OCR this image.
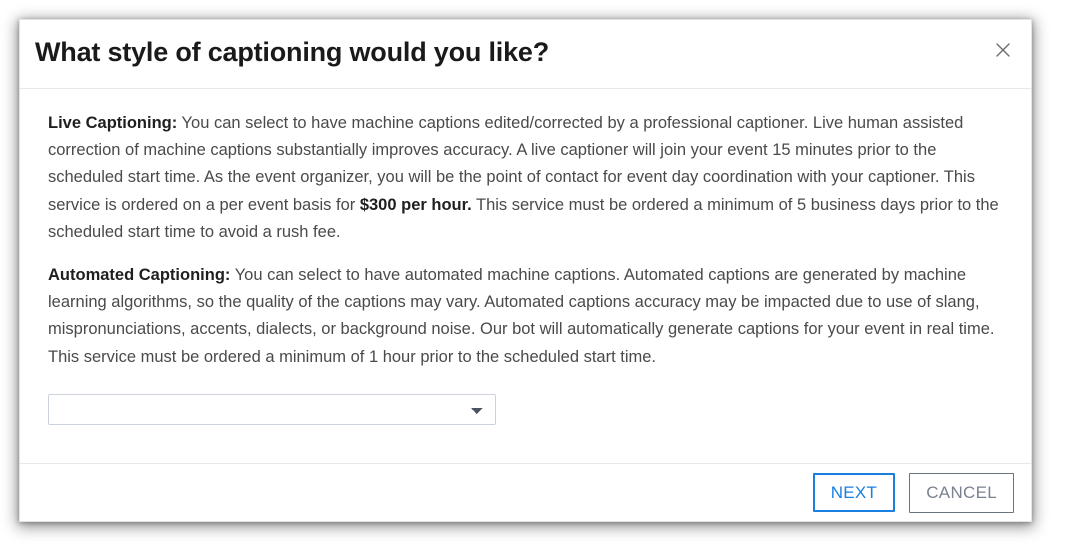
What style of captioning would you like?

Live Captioning: You can select to have machine captions edited/corrected by a professional captioner. Live human assisted correction of machine captions substantially improves accuracy. A live captioner will join your event 15 minutes prior to the scheduled start time. As the event organizer, you will be the point of contact for event day coordination with your captioner. This service is ordered on a per event basis for $300 per hour. This service must be ordered a minimum of 5 business days prior to the scheduled start time to avoid a rush fee.

Automated Captioning: You can select to have automated machine captions. Automated captions are generated by machine learning algorithms, so the quality of the captions may vary. Automated captions accuracy may be impacted due to use of slang, mispronunciations, accents, dialects, or background noise. Our bot will automatically generate captions for your event in real time. This service must be ordered a minimum of 1 hour prior to the scheduled start time.

NEXT	CANCEL
